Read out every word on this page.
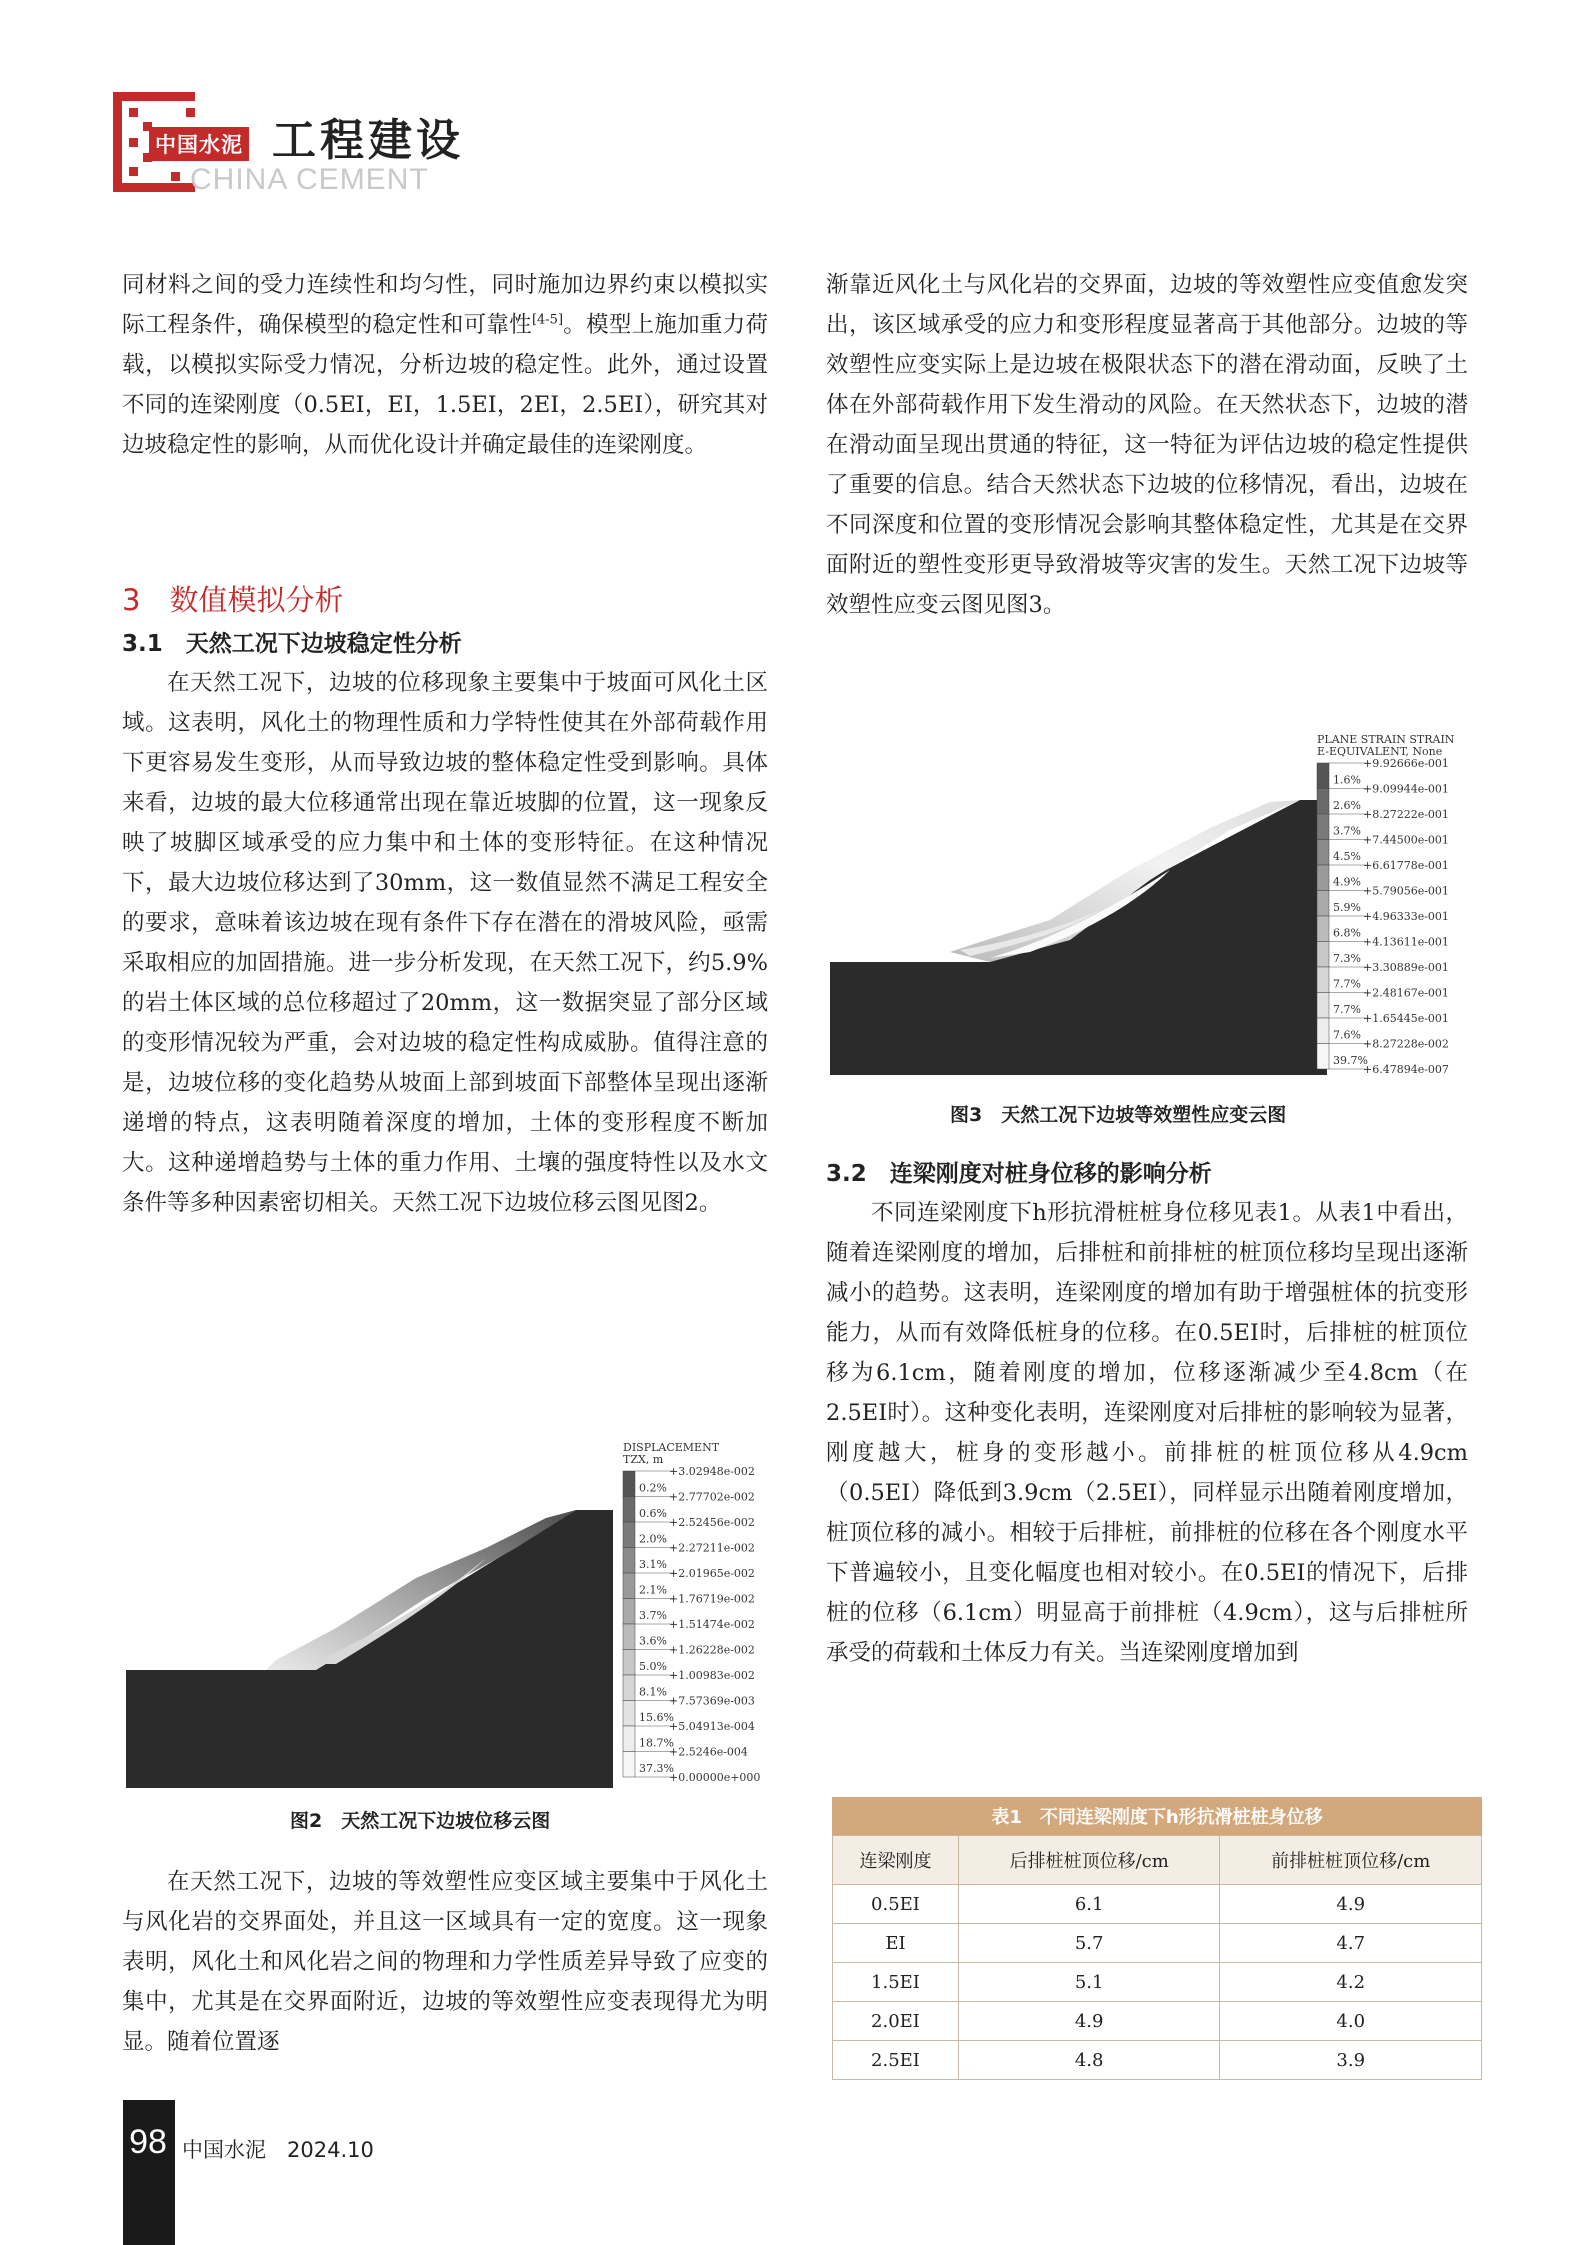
中国水泥 工程建设
CHINA CEMENT

同材料之间的受力连续性和均匀性，同时施加边界约束以模拟实际工程条件，确保模型的稳定性和可靠性[4-5]。模型上施加重力荷载，以模拟实际受力情况，分析边坡的稳定性。此外，通过设置不同的连梁刚度（0.5EI，EI，1.5EI，2EI，2.5EI），研究其对边坡稳定性的影响，从而优化设计并确定最佳的连梁刚度。

3　数值模拟分析
3.1　天然工况下边坡稳定性分析

在天然工况下，边坡的位移现象主要集中于坡面可风化土区域。这表明，风化土的物理性质和力学特性使其在外部荷载作用下更容易发生变形，从而导致边坡的整体稳定性受到影响。具体来看，边坡的最大位移通常出现在靠近坡脚的位置，这一现象反映了坡脚区域承受的应力集中和土体的变形特征。在这种情况下，最大边坡位移达到了30mm，这一数值显然不满足工程安全的要求，意味着该边坡在现有条件下存在潜在的滑坡风险，亟需采取相应的加固措施。进一步分析发现，在天然工况下，约5.9%的岩土体区域的总位移超过了20mm，这一数据突显了部分区域的变形情况较为严重，会对边坡的稳定性构成威胁。值得注意的是，边坡位移的变化趋势从坡面上部到坡面下部整体呈现出逐渐递增的特点，这表明随着深度的增加，土体的变形程度不断加大。这种递增趋势与土体的重力作用、土壤的强度特性以及水文条件等多种因素密切相关。天然工况下边坡位移云图见图2。

DISPLACEMENT
TZX, m
0.2%
0.6%
2.0%
3.1%
2.1%
3.7%
3.6%
5.0%
8.1%
15.6%
18.7%
37.3%
+3.02948e-002
+2.77702e-002
+2.52456e-002
+2.27211e-002
+2.01965e-002
+1.76719e-002
+1.51474e-002
+1.26228e-002
+1.00983e-002
+7.57369e-003
+5.04913e-004
+2.5246e-004
+0.00000e+000
图2　天然工况下边坡位移云图

在天然工况下，边坡的等效塑性应变区域主要集中于风化土与风化岩的交界面处，并且这一区域具有一定的宽度。这一现象表明，风化土和风化岩之间的物理和力学性质差异导致了应变的集中，尤其是在交界面附近，边坡的等效塑性应变表现得尤为明显。随着位置逐

渐靠近风化土与风化岩的交界面，边坡的等效塑性应变值愈发突出，该区域承受的应力和变形程度显著高于其他部分。边坡的等效塑性应变实际上是边坡在极限状态下的潜在滑动面，反映了土体在外部荷载作用下发生滑动的风险。在天然状态下，边坡的潜在滑动面呈现出贯通的特征，这一特征为评估边坡的稳定性提供了重要的信息。结合天然状态下边坡的位移情况，看出，边坡在不同深度和位置的变形情况会影响其整体稳定性，尤其是在交界面附近的塑性变形更导致滑坡等灾害的发生。天然工况下边坡等效塑性应变云图见图3。

PLANE STRAIN STRAIN
E-EQUIVALENT, None
1.6%
2.6%
3.7%
4.5%
4.9%
5.9%
6.8%
7.3%
7.7%
7.7%
7.6%
39.7%
+9.92666e-001
+9.09944e-001
+8.27222e-001
+7.44500e-001
+6.61778e-001
+5.79056e-001
+4.96333e-001
+4.13611e-001
+3.30889e-001
+2.48167e-001
+1.65445e-001
+8.27228e-002
+6.47894e-007
图3　天然工况下边坡等效塑性应变云图
3.2　连梁刚度对桩身位移的影响分析

不同连梁刚度下h形抗滑桩桩身位移见表1。从表1中看出，随着连梁刚度的增加，后排桩和前排桩的桩顶位移均呈现出逐渐减小的趋势。这表明，连梁刚度的增加有助于增强桩体的抗变形能力，从而有效降低桩身的位移。在0.5EI时，后排桩的桩顶位移为6.1cm，随着刚度的增加，位移逐渐减少至4.8cm（在2.5EI时）。这种变化表明，连梁刚度对后排桩的影响较为显著，刚度越大，桩身的变形越小。前排桩的桩顶位移从4.9cm（0.5EI）降低到3.9cm（2.5EI），同样显示出随着刚度增加，桩顶位移的减小。相较于后排桩，前排桩的位移在各个刚度水平下普遍较小，且变化幅度也相对较小。在0.5EI的情况下，后排桩的位移（6.1cm）明显高于前排桩（4.9cm），这与后排桩所承受的荷载和土体反力有关。当连梁刚度增加到

表1　不同连梁刚度下h形抗滑桩桩身位移
连梁刚度	后排桩桩顶位移/cm	前排桩桩顶位移/cm
0.5EI	6.1	4.9
EI	5.7	4.7
1.5EI	5.1	4.2
2.0EI	4.9	4.0
2.5EI	4.8	3.9
98 中国水泥　2024.10
